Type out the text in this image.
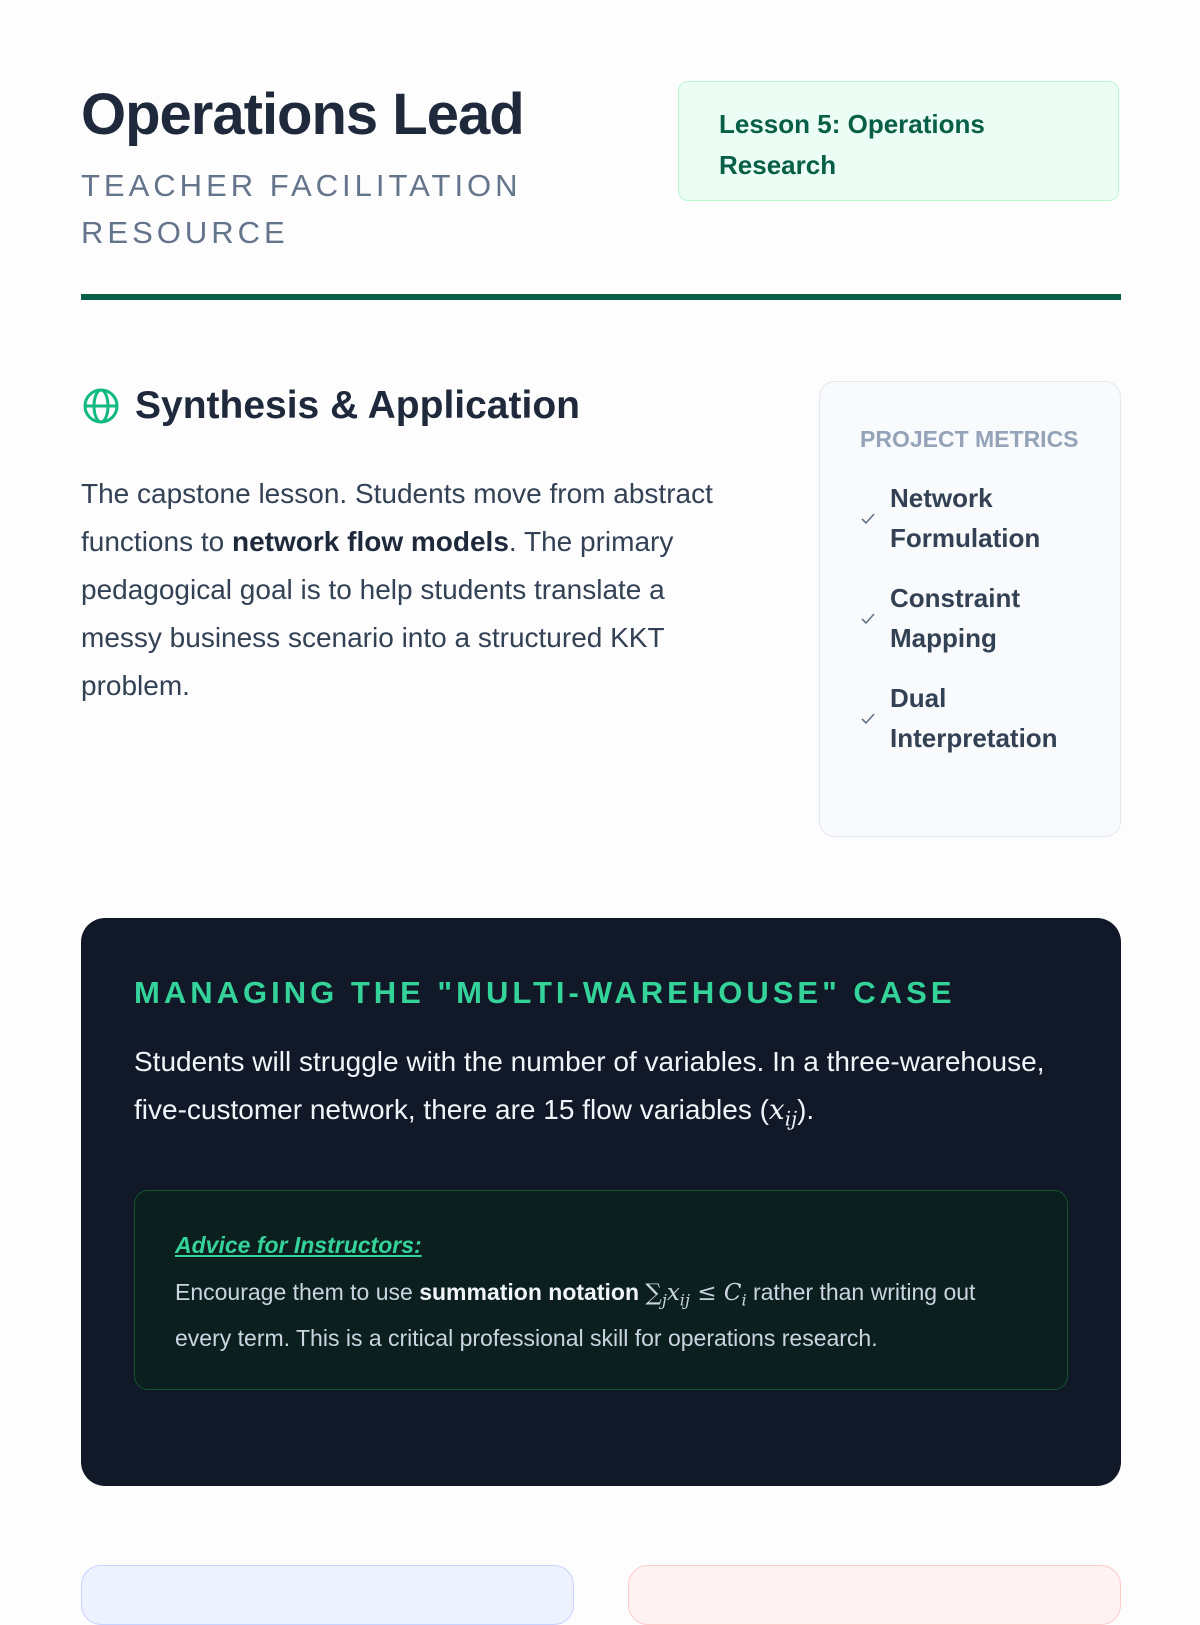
Operations Lead
TEACHER FACILITATION RESOURCE
Lesson 5: Operations Research
Synthesis & Application

The capstone lesson. Students move from abstract functions to network flow models. The primary pedagogical goal is to help students translate a messy business scenario into a structured KKT problem.

PROJECT METRICS
Network Formulation
Constraint Mapping
Dual Interpretation
MANAGING THE "MULTI-WAREHOUSE" CASE

Students will struggle with the number of variables. In a three-warehouse, five-customer network, there are 15 flow variables $(x_{ij})$.

Advice for Instructors:
Encourage them to use summation notation $\sum_jx_{ij} \le C_i$ rather than writing out every term. This is a critical professional skill for operations research.
